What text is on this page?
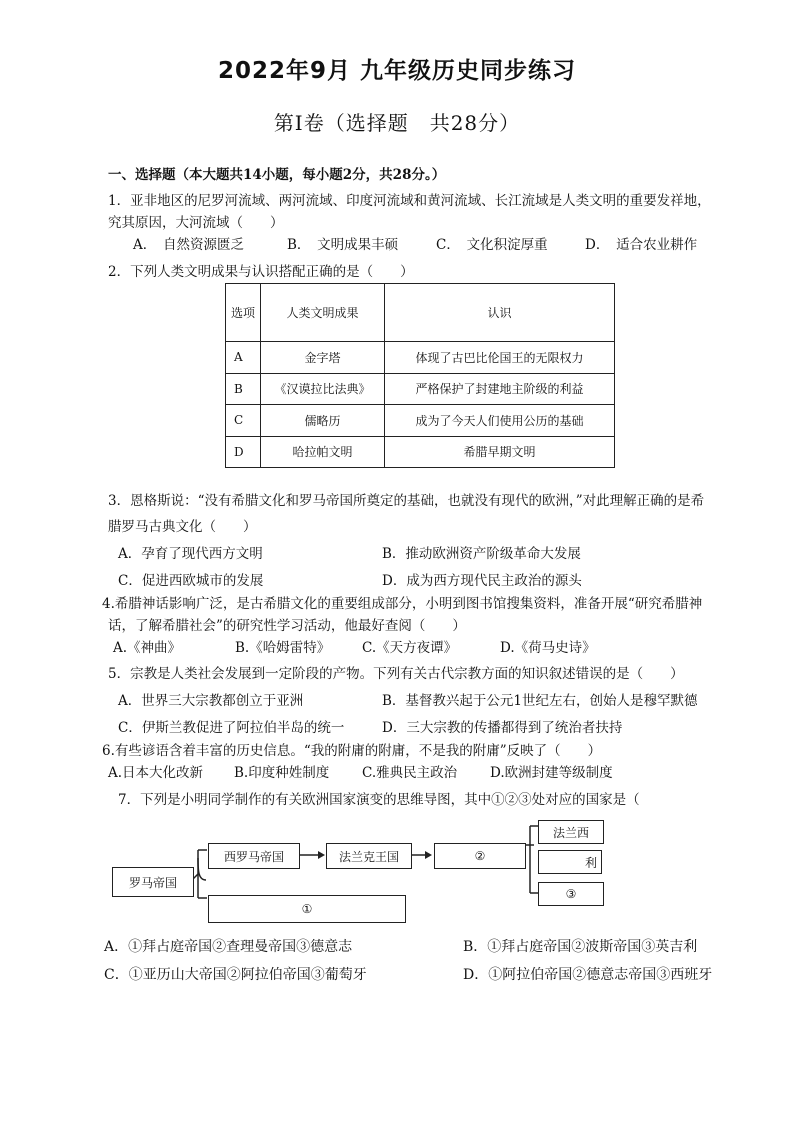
2022年9月 九年级历史同步练习
第Ⅰ卷（选择题　共28分）
一、选择题（本大题共14小题，每小题2分，共28分。）
1．亚非地区的尼罗河流域、两河流域、印度河流域和黄河流域、长江流域是人类文明的重要发祥地，
究其原因，大河流域（　　）
A．　自然资源匮乏	B．　文明成果丰硕	C．　文化积淀厚重	D．　适合农业耕作
2．下列人类文明成果与认识搭配正确的是（　　）
选项	人类文明成果	认识
A	金字塔	体现了古巴比伦国王的无限权力
B	《汉谟拉比法典》	严格保护了封建地主阶级的利益
C	儒略历	成为了今天人们使用公历的基础
D	哈拉帕文明	希腊早期文明
3．恩格斯说：“没有希腊文化和罗马帝国所奠定的基础，也就没有现代的欧洲，”对此理解正确的是希
腊罗马古典文化（　　）
A．孕育了现代西方文明	B．推动欧洲资产阶级革命大发展
C．促进西欧城市的发展	D．成为西方现代民主政治的源头
4.希腊神话影响广泛，是古希腊文化的重要组成部分，小明到图书馆搜集资料，准备开展“研究希腊神
话，了解希腊社会”的研究性学习活动，他最好查阅（　　）
A.《神曲》	B.《哈姆雷特》 C.《天方夜谭》	D.《荷马史诗》
5．宗教是人类社会发展到一定阶段的产物。下列有关古代宗教方面的知识叙述错误的是（　　）
A．世界三大宗教都创立于亚洲	B．基督教兴起于公元1世纪左右，创始人是穆罕默德
C．伊斯兰教促进了阿拉伯半岛的统一	D．三大宗教的传播都得到了统治者扶持
6.有些谚语含着丰富的历史信息。“我的附庸的附庸，不是我的附庸”反映了（　　）
A.日本大化改新 B.印度种姓制度 C.雅典民主政治 D.欧洲封建等级制度
7．下列是小明同学制作的有关欧洲国家演变的思维导图，其中①②③处对应的国家是（
罗马帝国
西罗马帝国	法兰克王国	②
①
法兰西
利
③
A．①拜占庭帝国②查理曼帝国③德意志	B．①拜占庭帝国②波斯帝国③英吉利
C．①亚历山大帝国②阿拉伯帝国③葡萄牙	D．①阿拉伯帝国②德意志帝国③西班牙
